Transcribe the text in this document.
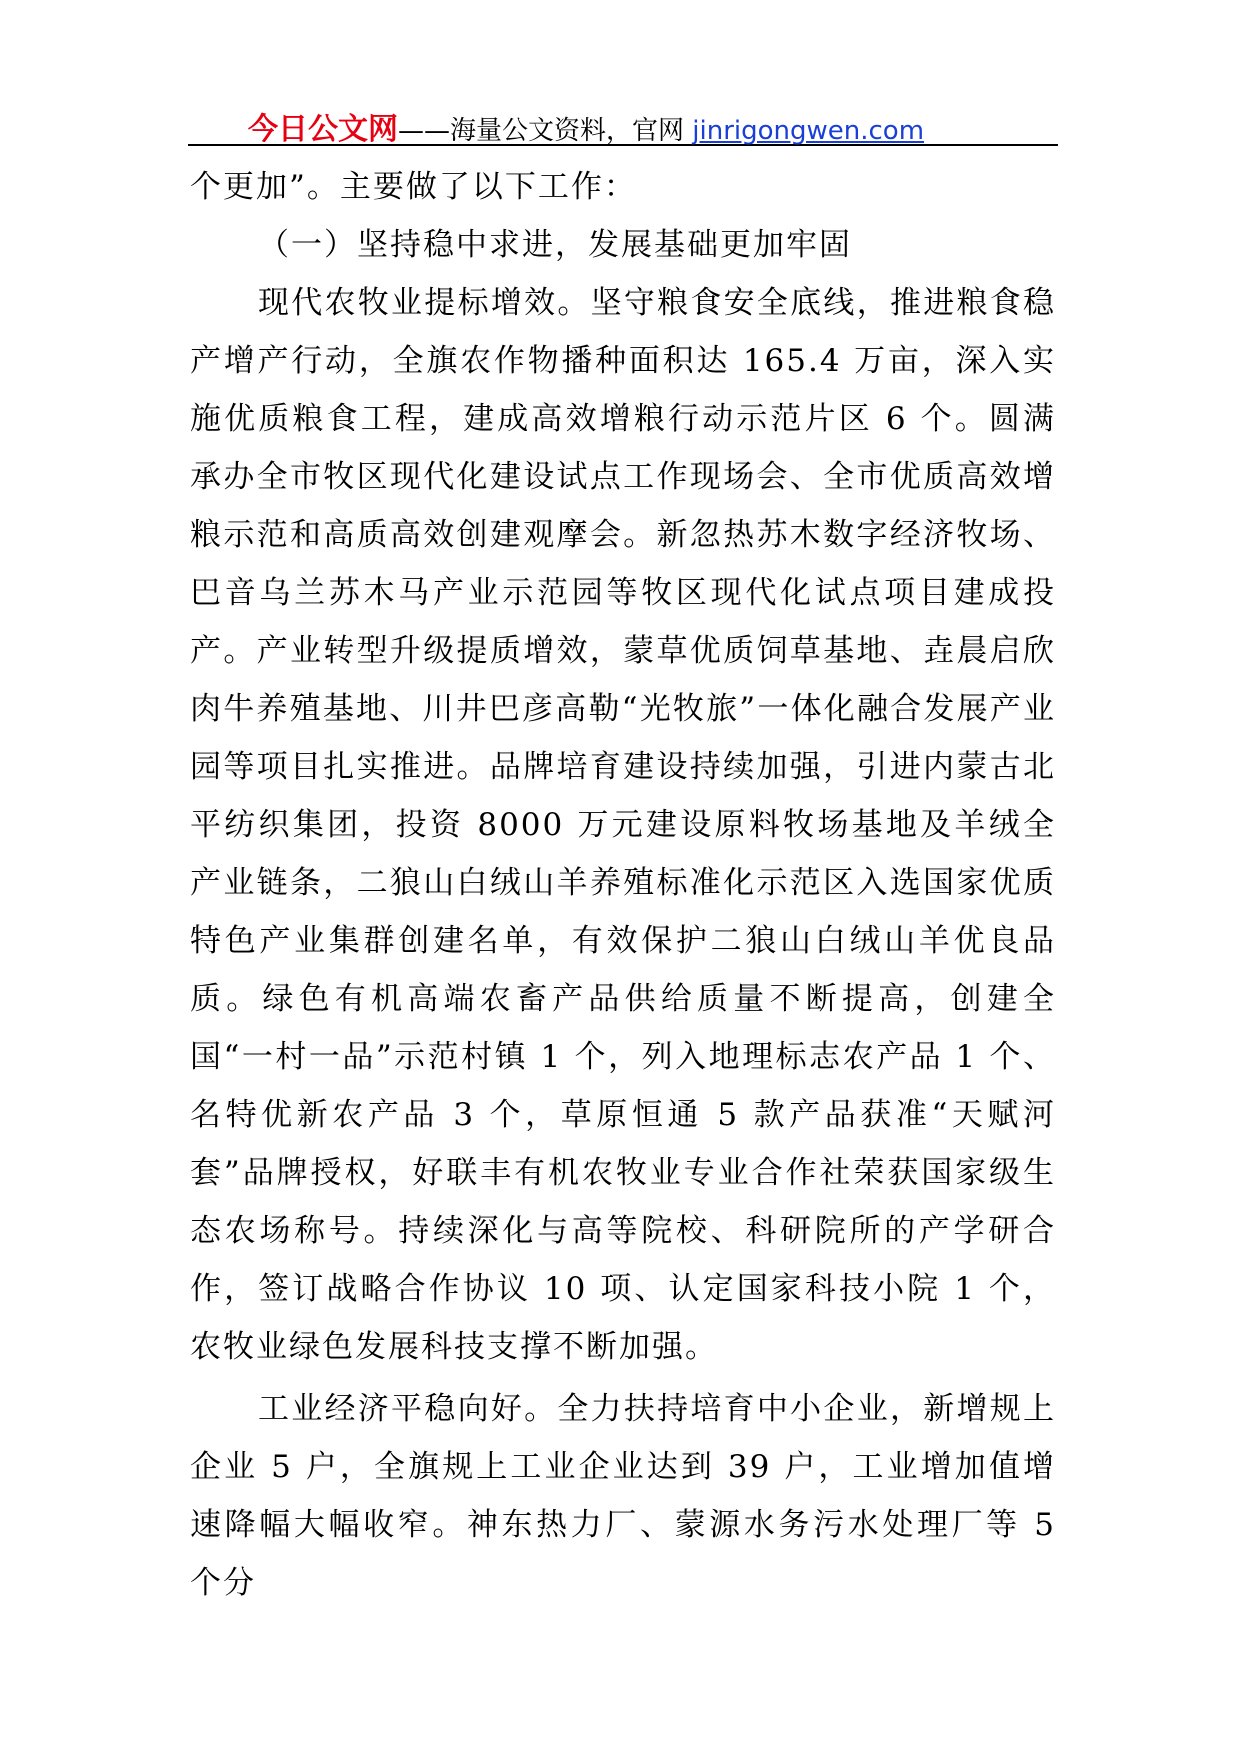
今日公文网——海量公文资料，官网 jinrigongwen.com

个更加”。主要做了以下工作：

（一）坚持稳中求进，发展基础更加牢固

现代农牧业提标增效。坚守粮食安全底线，推进粮食稳产增产行动，全旗农作物播种面积达 165.4 万亩，深入实施优质粮食工程，建成高效增粮行动示范片区 6 个。圆满承办全市牧区现代化建设试点工作现场会、全市优质高效增粮示范和高质高效创建观摩会。新忽热苏木数字经济牧场、巴音乌兰苏木马产业示范园等牧区现代化试点项目建成投产。产业转型升级提质增效，蒙草优质饲草基地、垚晨启欣肉牛养殖基地、川井巴彦高勒“光牧旅”一体化融合发展产业园等项目扎实推进。品牌培育建设持续加强，引进内蒙古北平纺织集团，投资 8000 万元建设原料牧场基地及羊绒全产业链条，二狼山白绒山羊养殖标准化示范区入选国家优质特色产业集群创建名单，有效保护二狼山白绒山羊优良品质。绿色有机高端农畜产品供给质量不断提高，创建全国“一村一品”示范村镇 1 个，列入地理标志农产品 1 个、名特优新农产品 3 个，草原恒通 5 款产品获准“天赋河套”品牌授权，好联丰有机农牧业专业合作社荣获国家级生态农场称号。持续深化与高等院校、科研院所的产学研合作，签订战略合作协议 10 项、认定国家科技小院 1 个，农牧业绿色发展科技支撑不断加强。

工业经济平稳向好。全力扶持培育中小企业，新增规上企业 5 户，全旗规上工业企业达到 39 户，工业增加值增速降幅大幅收窄。神东热力厂、蒙源水务污水处理厂等 5 个分
